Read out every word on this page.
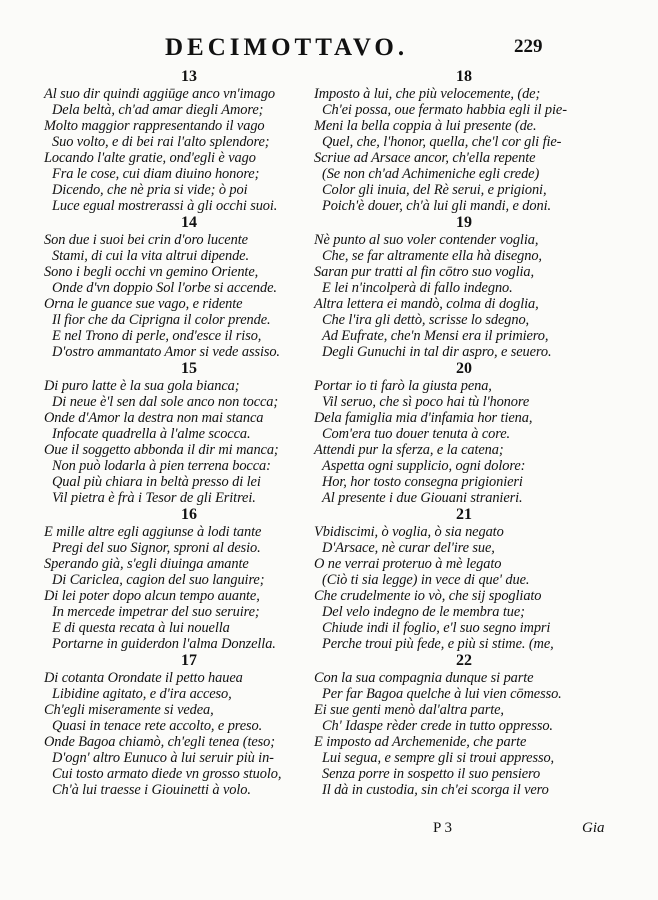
DECIMOTTAVO.	229
13
Al suo dir quindi aggiūge anco vn'imago
Dela beltà, ch'ad amar diegli Amore;
Molto maggior rappresentando il vago
Suo volto, e di bei rai l'alto splendore;
Locando l'alte gratie, ond'egli è vago
Fra le cose, cui diam diuino honore;
Dicendo, che nè pria si vide; ò poi
Luce egual mostrerassi à gli occhi suoi.
14
Son due i suoi bei crin d'oro lucente
Stami, di cui la vita altrui dipende.
Sono i begli occhi vn gemino Oriente,
Onde d'vn doppio Sol l'orbe si accende.
Orna le guance sue vago, e ridente
Il fior che da Ciprigna il color prende.
E nel Trono di perle, ond'esce il riso,
D'ostro ammantato Amor si vede assiso.
15
Di puro latte è la sua gola bianca;
Di neue è'l sen dal sole anco non tocca;
Onde d'Amor la destra non mai stanca
Infocate quadrella à l'alme scocca.
Oue il soggetto abbonda il dir mi manca;
Non può lodarla à pien terrena bocca:
Qual più chiara in beltà presso di lei
Vil pietra è frà i Tesor de gli Eritrei.
16
E mille altre egli aggiunse à lodi tante
Pregi del suo Signor, sproni al desio.
Sperando già, s'egli diuinga amante
Di Caricleа, cagion del suo languire;
Di lei poter dopo alcun tempo auante,
In mercede impetrar del suo seruire;
E di questa recata à lui nouella
Portarne in guiderdon l'alma Donzella.
17
Di cotanta Orondate il petto hauea
Libidine agitato, e d'ira acceso,
Ch'egli miseramente si vedea,
Quasi in tenace rete accolto, e preso.
Onde Bagoa chiamò, ch'egli tenea (teso;
D'ogn' altro Eunuco à lui seruir più in-
Cui tosto armato diede vn grosso stuolo,
Ch'à lui traesse i Giouinetti à volo.
18
Imposto à lui, che più velocemente, (de;
Ch'ei possa, oue fermato habbia egli il pie-
Meni la bella coppia à lui presente (de.
Quel, che, l'honor, quella, che'l cor gli fie-
Scriue ad Arsace ancor, ch'ella repente
(Se non ch'ad Achimeniche egli crede)
Color gli inuia, del Rè serui, e prigioni,
Poich'è douer, ch'à lui gli mandi, e doni.
19
Nè punto al suo voler contender voglia,
Che, se far altramente ella hà disegno,
Saran pur tratti al fin cōtro suo voglia,
E lei n'incolperà di fallo indegno.
Altra lettera ei mandò, colma di doglia,
Che l'ira gli dettò, scrisse lo sdegno,
Ad Eufrate, che'n Mensi era il primiero,
Degli Gunuchi in tal dir aspro, e seuero.
20
Portar io ti farò la giusta pena,
Vil seruo, che sì poco hai tù l'honore
Dela famiglia mia d'infamia hor tiena,
Com'era tuo douer tenuta à core.
Attendi pur la sferza, e la catena;
Aspetta ogni supplicio, ogni dolore:
Hor, hor tosto consegna prigionieri
Al presente i due Giouani stranieri.
21
Vbidiscimi, ò voglia, ò sia negato
D'Arsace, nè curar del'ire sue,
O ne verrai proteruo à mè legato
(Ciò ti sia legge) in vece di que' due.
Che crudelmente io vò, che sij spogliato
Del velo indegno de le membra tue;
Chiude indi il foglio, e'l suo segno impri
Perche troui più fede, e più si stime. (me,
22
Con la sua compagnia dunque si parte
Per far Bagoa quelche à lui vien cōmesso.
Ei sue genti menò dal'altra parte,
Ch' Idaspe rèder crede in tutto oppresso.
E imposto ad Archemenide, che parte
Lui segua, e sempre gli si troui appresso,
Senza porre in sospetto il suo pensiero
Il dà in custodia, sin ch'ei scorga il vero
P 3	Gia
